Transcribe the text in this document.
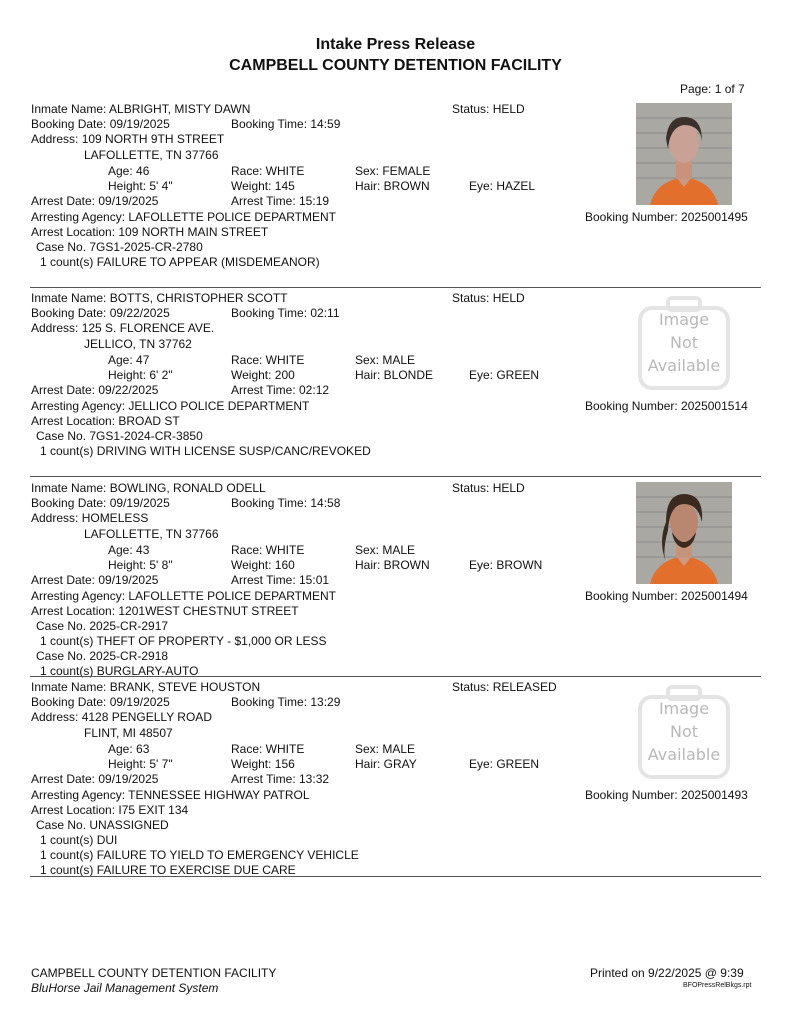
Intake Press Release
CAMPBELL COUNTY DETENTION FACILITY
Page: 1 of 7
Inmate Name: ALBRIGHT, MISTY DAWN	Status: HELD
Booking Date: 09/19/2025	Booking Time: 14:59
Address: 109 NORTH 9TH STREET
LAFOLLETTE, TN 37766
Age: 46	Race: WHITE	Sex: FEMALE
Height: 5' 4"	Weight: 145	Hair: BROWN	Eye: HAZEL
Arrest Date: 09/19/2025	Arrest Time: 15:19
Arresting Agency: LAFOLLETTE POLICE DEPARTMENT	Booking Number: 2025001495
Arrest Location: 109 NORTH MAIN STREET
Case No. 7GS1-2025-CR-2780
1 count(s) FAILURE TO APPEAR (MISDEMEANOR)
Inmate Name: BOTTS, CHRISTOPHER SCOTT	Status: HELD
Booking Date: 09/22/2025	Booking Time: 02:11
Address: 125 S. FLORENCE AVE.
JELLICO, TN 37762
Age: 47	Race: WHITE	Sex: MALE
Height: 6' 2"	Weight: 200	Hair: BLONDE	Eye: GREEN
Arrest Date: 09/22/2025	Arrest Time: 02:12
Arresting Agency: JELLICO POLICE DEPARTMENT	Booking Number: 2025001514
Arrest Location: BROAD ST
Case No. 7GS1-2024-CR-3850
1 count(s) DRIVING WITH LICENSE SUSP/CANC/REVOKED
Image
Not
Available
Inmate Name: BOWLING, RONALD ODELL	Status: HELD
Booking Date: 09/19/2025	Booking Time: 14:58
Address: HOMELESS
LAFOLLETTE, TN 37766
Age: 43	Race: WHITE	Sex: MALE
Height: 5' 8"	Weight: 160	Hair: BROWN	Eye: BROWN
Arrest Date: 09/19/2025	Arrest Time: 15:01
Arresting Agency: LAFOLLETTE POLICE DEPARTMENT	Booking Number: 2025001494
Arrest Location: 1201WEST CHESTNUT STREET
Case No. 2025-CR-2917
1 count(s) THEFT OF PROPERTY - $1,000 OR LESS
Case No. 2025-CR-2918
1 count(s) BURGLARY-AUTO
Inmate Name: BRANK, STEVE HOUSTON	Status: RELEASED
Booking Date: 09/19/2025	Booking Time: 13:29
Address: 4128 PENGELLY ROAD
FLINT, MI 48507
Age: 63	Race: WHITE	Sex: MALE
Height: 5' 7"	Weight: 156	Hair: GRAY	Eye: GREEN
Arrest Date: 09/19/2025	Arrest Time: 13:32
Arresting Agency: TENNESSEE HIGHWAY PATROL	Booking Number: 2025001493
Arrest Location: I75 EXIT 134
Case No. UNASSIGNED
1 count(s) DUI
1 count(s) FAILURE TO YIELD TO EMERGENCY VEHICLE
1 count(s) FAILURE TO EXERCISE DUE CARE
Image
Not
Available
CAMPBELL COUNTY DETENTION FACILITY
BluHorse Jail Management System
Printed on 9/22/2025 @ 9:39
BFOPressRelBkgs.rpt
